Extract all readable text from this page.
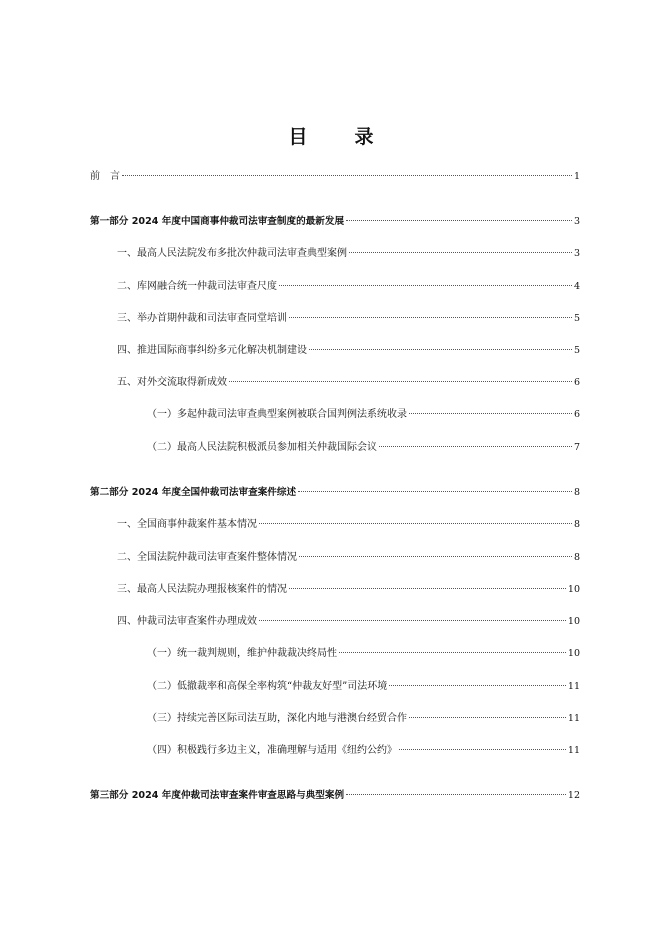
目　录
前　言	1
第一部分 2024 年度中国商事仲裁司法审查制度的最新发展	3
一、最高人民法院发布多批次仲裁司法审查典型案例	3
二、库网融合统一仲裁司法审查尺度	4
三、举办首期仲裁和司法审查同堂培训	5
四、推进国际商事纠纷多元化解决机制建设	5
五、对外交流取得新成效	6
（一）多起仲裁司法审查典型案例被联合国判例法系统收录	6
（二）最高人民法院积极派员参加相关仲裁国际会议	7
第二部分 2024 年度全国仲裁司法审查案件综述	8
一、全国商事仲裁案件基本情况	8
二、全国法院仲裁司法审查案件整体情况	8
三、最高人民法院办理报核案件的情况	10
四、仲裁司法审查案件办理成效	10
（一）统一裁判规则，维护仲裁裁决终局性	10
（二）低撤裁率和高保全率构筑“仲裁友好型”司法环境	11
（三）持续完善区际司法互助，深化内地与港澳台经贸合作	11
（四）积极践行多边主义，准确理解与适用《纽约公约》	11
第三部分 2024 年度仲裁司法审查案件审查思路与典型案例	12
